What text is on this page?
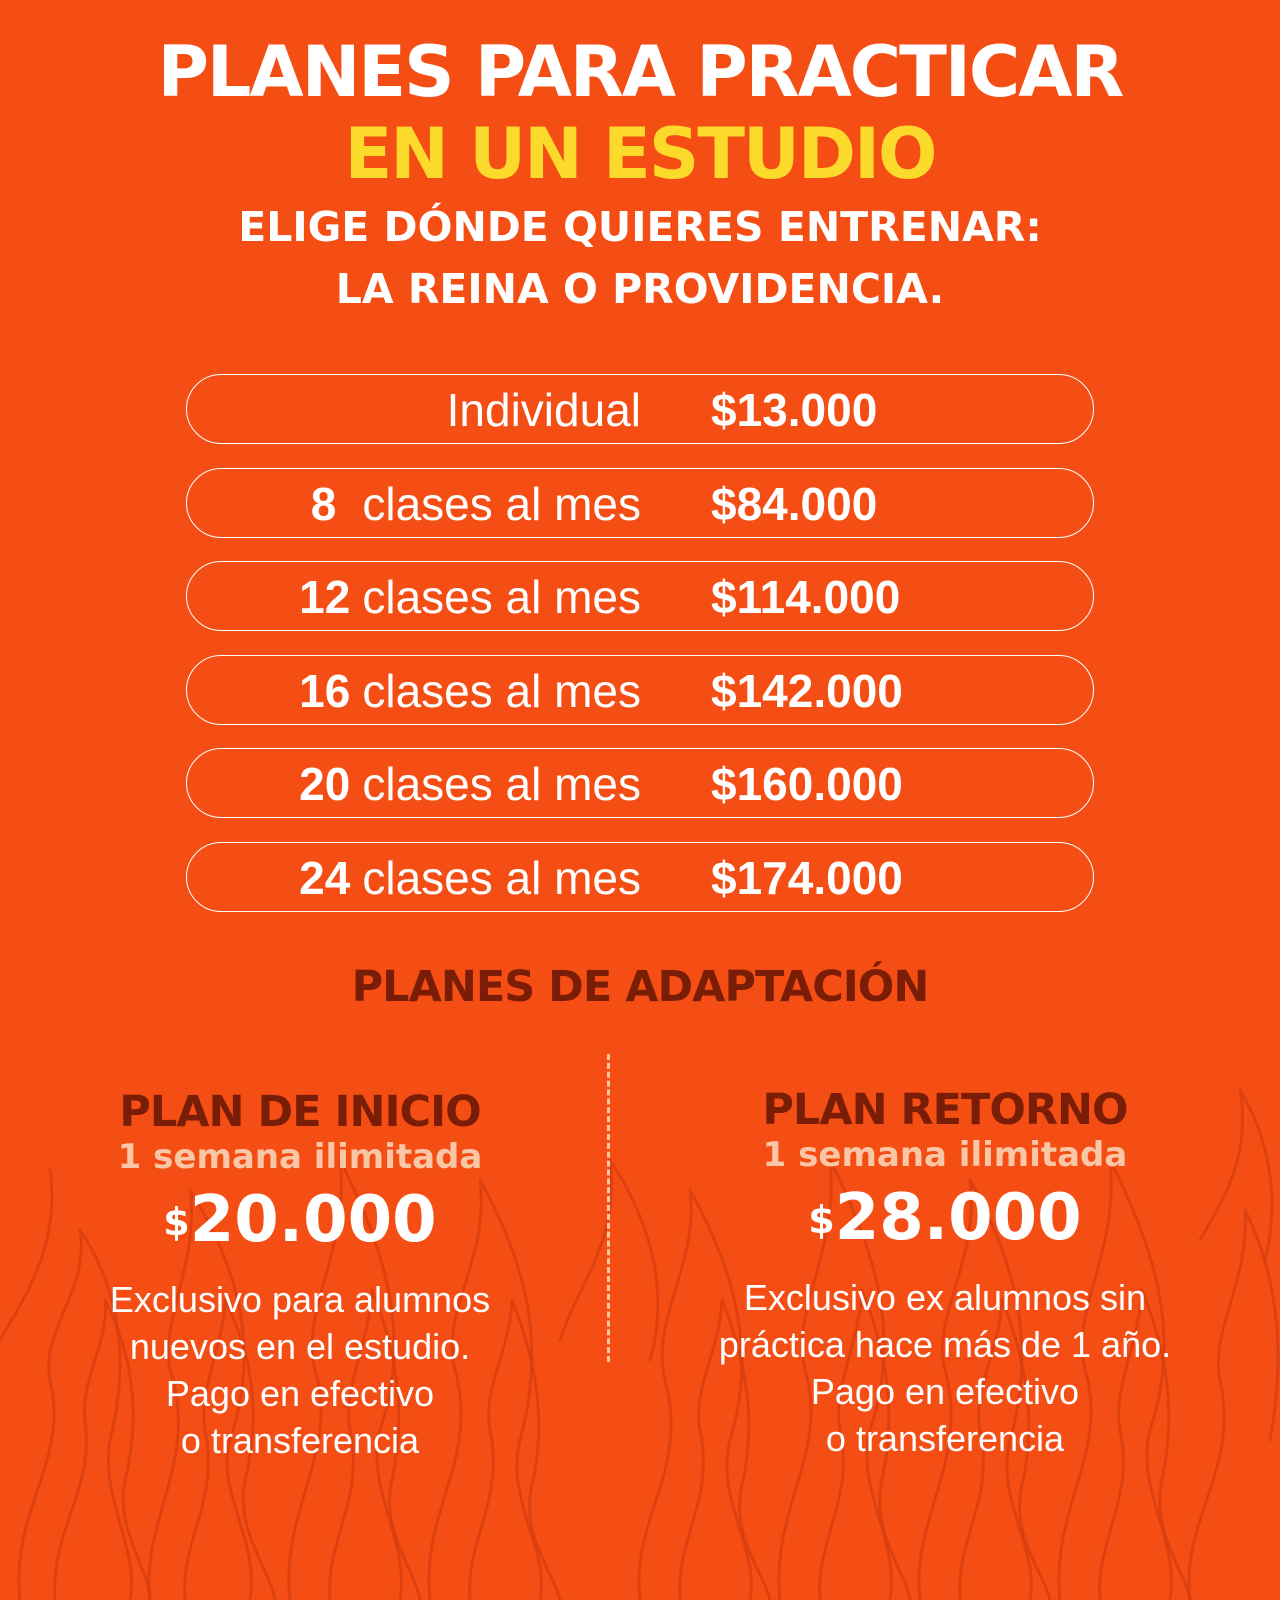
PLANES PARA PRACTICAR
EN UN ESTUDIO
ELIGE DÓNDE QUIERES ENTRENAR:
LA REINA O PROVIDENCIA.
Individual $13.000
8 clases al mes $84.000
12 clases al mes $114.000
16 clases al mes $142.000
20 clases al mes $160.000
24 clases al mes $174.000
PLANES DE ADAPTACIÓN
PLAN DE INICIO
1 semana ilimitada
$20.000
Exclusivo para alumnos
nuevos en el estudio.
Pago en efectivo
o transferencia
PLAN RETORNO
1 semana ilimitada
$28.000
Exclusivo ex alumnos sin
práctica hace más de 1 año.
Pago en efectivo
o transferencia
